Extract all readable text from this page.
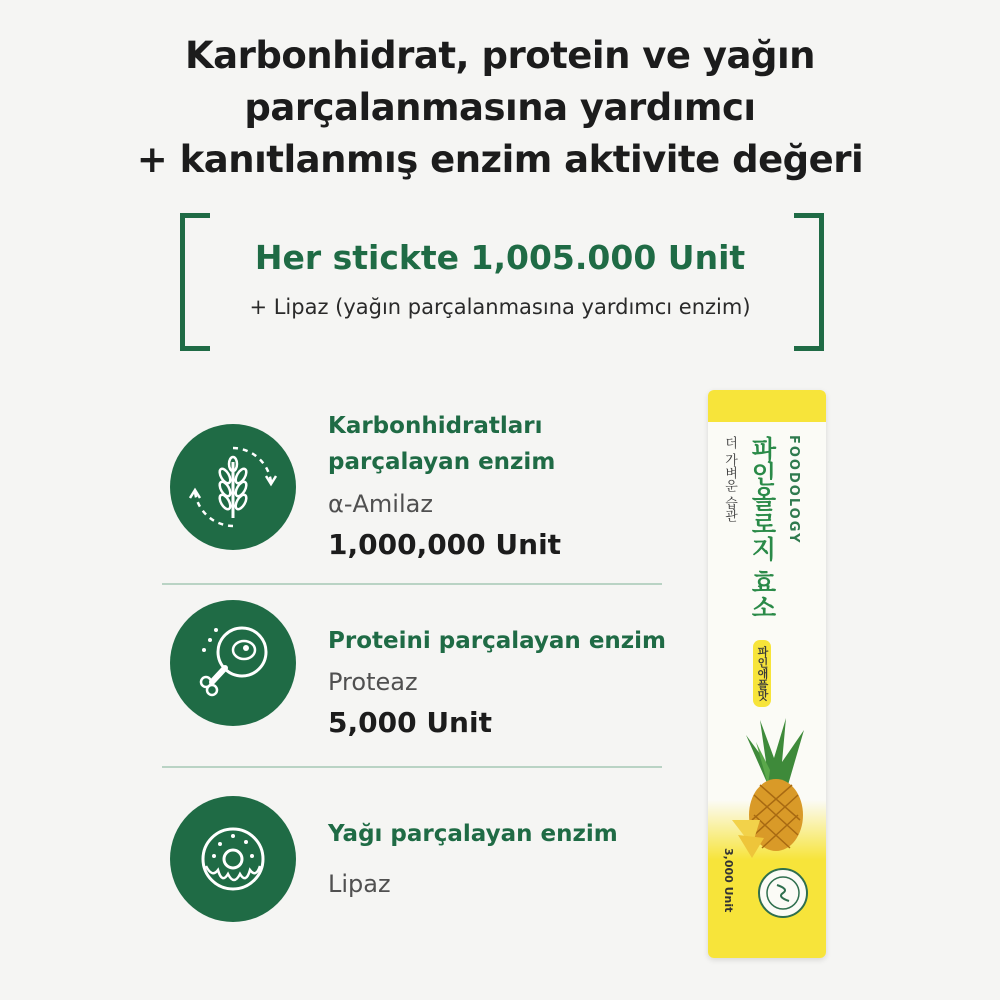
Karbonhidrat, protein ve yağın
parçalanmasına yardımcı
+ kanıtlanmış enzim aktivite değeri
Her stickte 1,005.000 Unit
+ Lipaz (yağın parçalanmasına yardımcı enzim)
Karbonhidratları
parçalayan enzim
α-Amilaz
1,000,000 Unit
Proteini parçalayan enzim
Proteaz
5,000 Unit
Yağı parçalayan enzim
Lipaz
FOODOLOGY
파인올로지 효소
더 가벼운 습관
파인애플맛
3,000 Unit
